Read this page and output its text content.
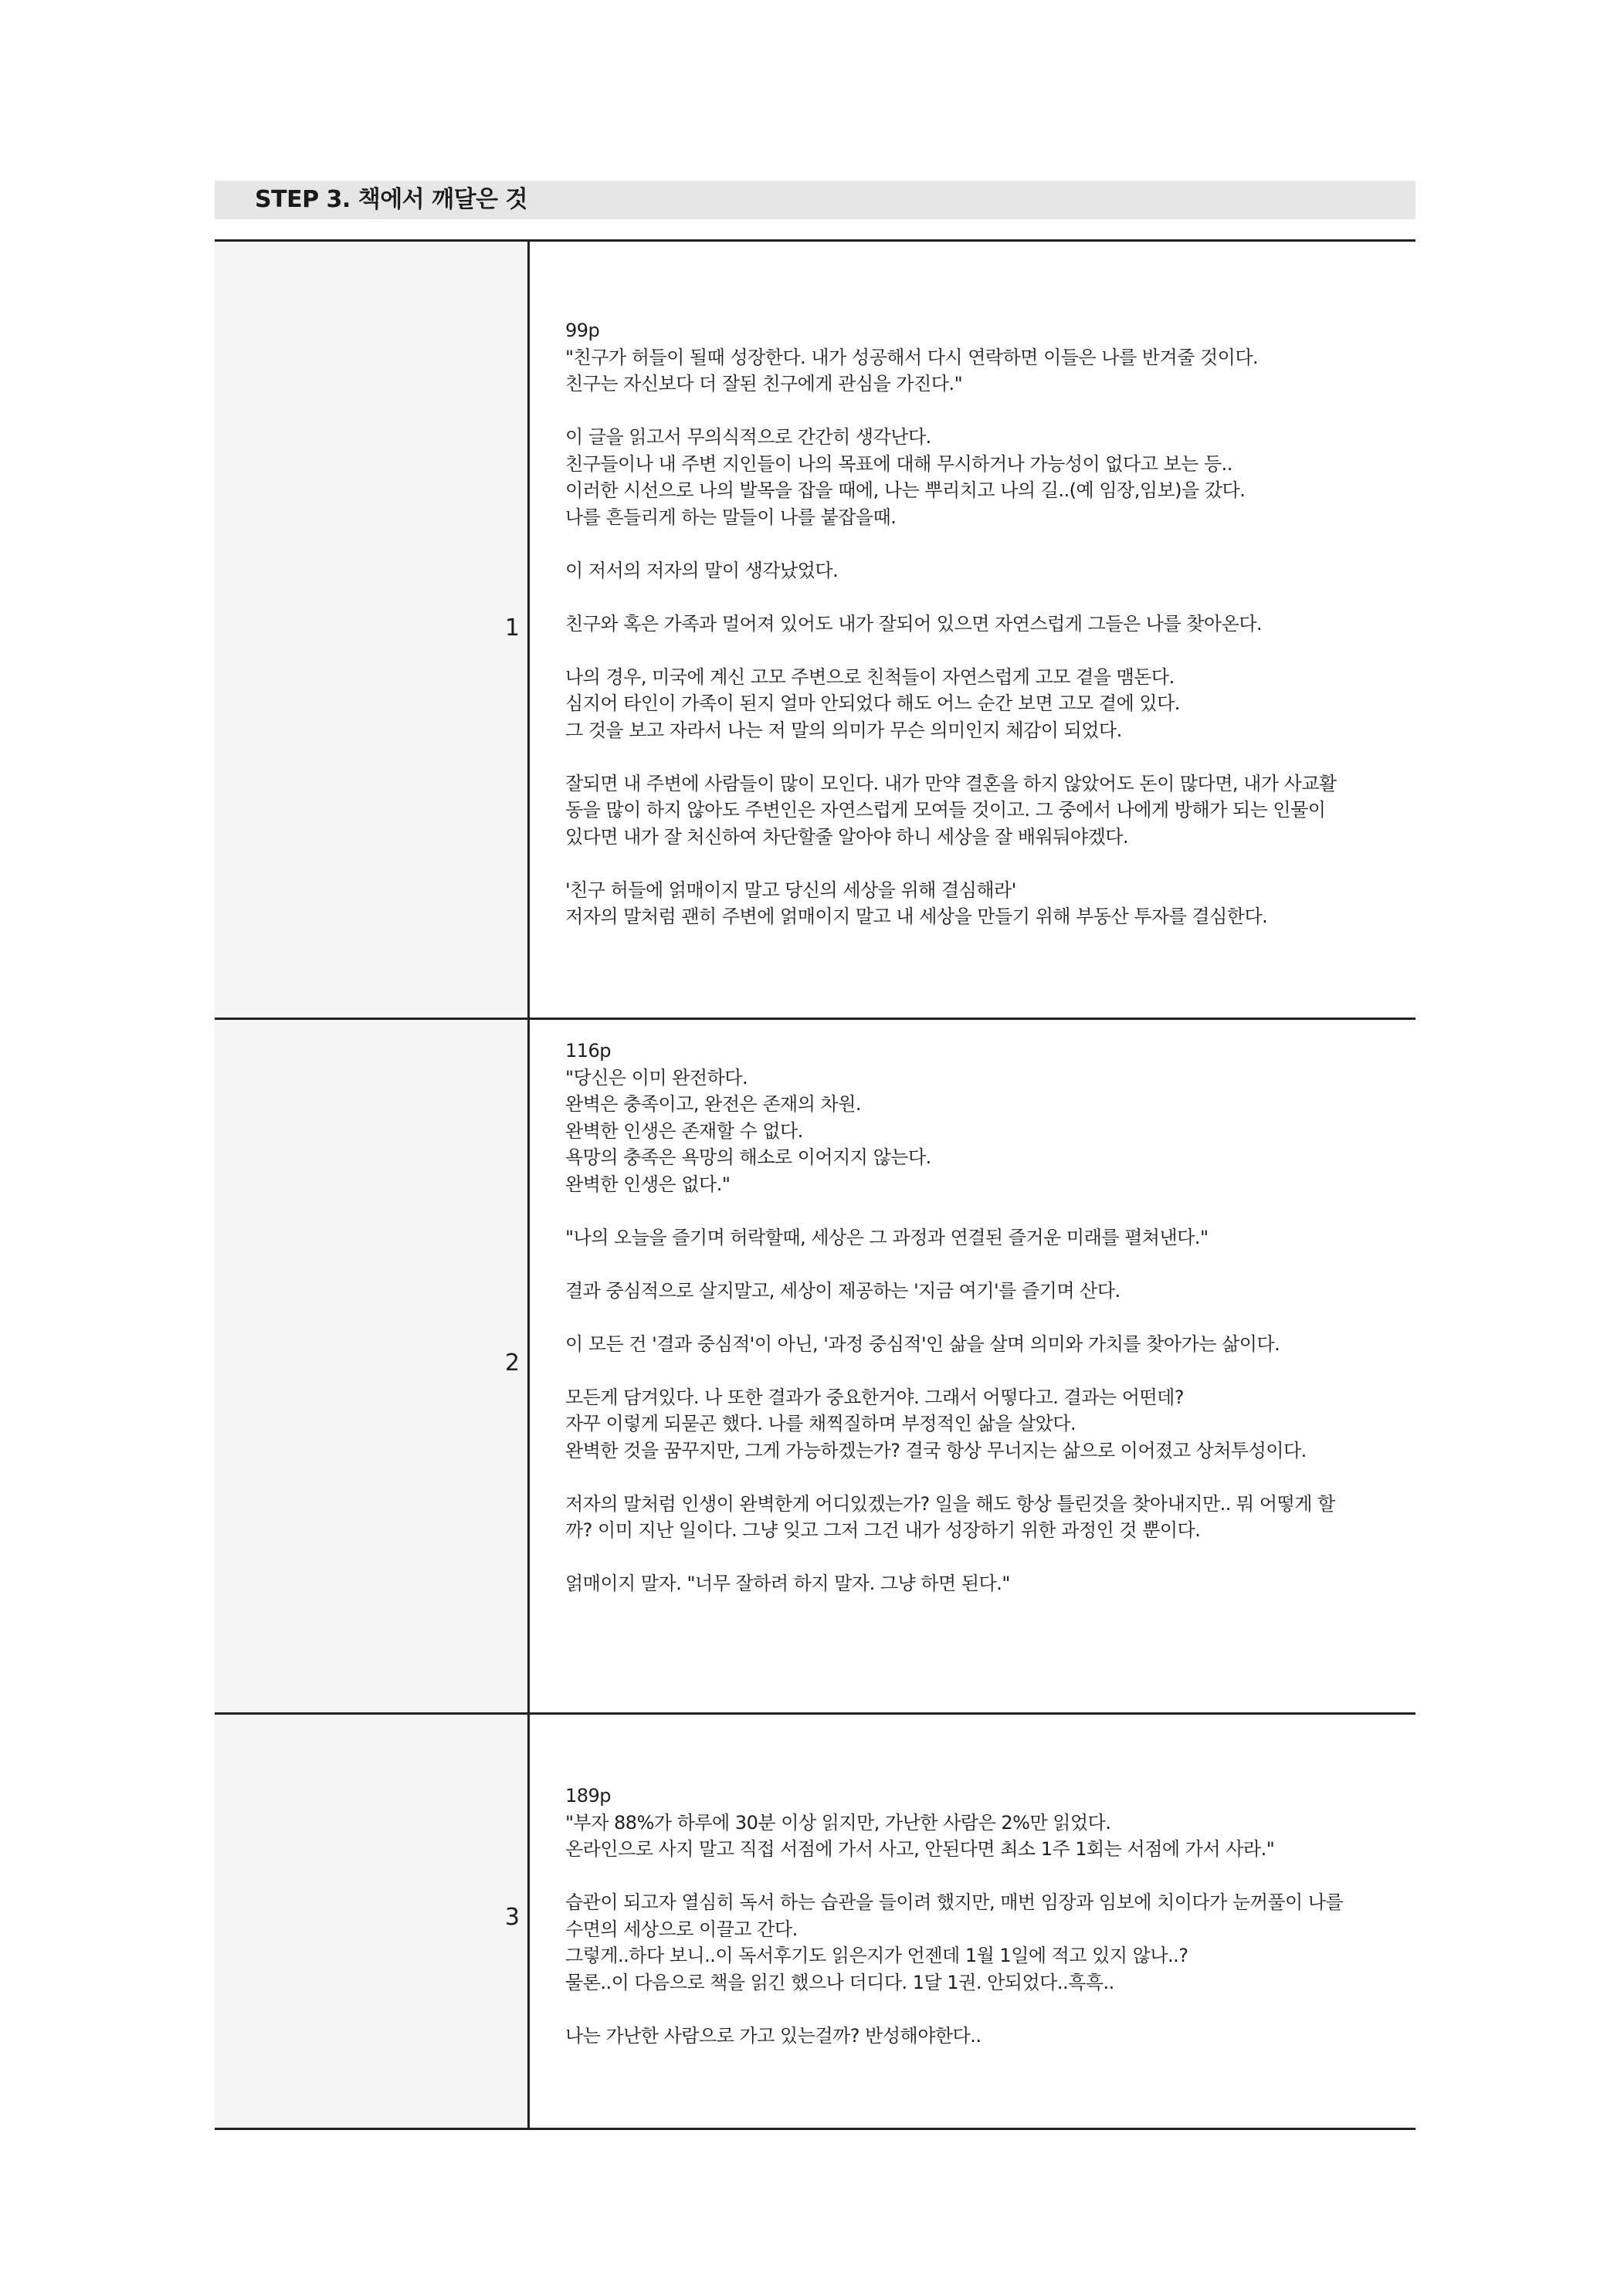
STEP 3. 책에서 깨달은 것
1
2
3
99p
"친구가 허들이 될때 성장한다. 내가 성공해서 다시 연락하면 이들은 나를 반겨줄 것이다.
친구는 자신보다 더 잘된 친구에게 관심을 가진다."
이 글을 읽고서 무의식적으로 간간히 생각난다.
친구들이나 내 주변 지인들이 나의 목표에 대해 무시하거나 가능성이 없다고 보는 등..
이러한 시선으로 나의 발목을 잡을 때에, 나는 뿌리치고 나의 길..(예 임장,임보)을 갔다.
나를 흔들리게 하는 말들이 나를 붙잡을때.
이 저서의 저자의 말이 생각났었다.
친구와 혹은 가족과 멀어져 있어도 내가 잘되어 있으면 자연스럽게 그들은 나를 찾아온다.
나의 경우, 미국에 계신 고모 주변으로 친척들이 자연스럽게 고모 곁을 맴돈다.
심지어 타인이 가족이 된지 얼마 안되었다 해도 어느 순간 보면 고모 곁에 있다.
그 것을 보고 자라서 나는 저 말의 의미가 무슨 의미인지 체감이 되었다.
잘되면 내 주변에 사람들이 많이 모인다. 내가 만약 결혼을 하지 않았어도 돈이 많다면, 내가 사교활
동을 많이 하지 않아도 주변인은 자연스럽게 모여들 것이고. 그 중에서 나에게 방해가 되는 인물이
있다면 내가 잘 처신하여 차단할줄 알아야 하니 세상을 잘 배워둬야겠다.
'친구 허들에 얽매이지 말고 당신의 세상을 위해 결심해라'
저자의 말처럼 괜히 주변에 얽매이지 말고 내 세상을 만들기 위해 부동산 투자를 결심한다.
116p
"당신은 이미 완전하다.
완벽은 충족이고, 완전은 존재의 차원.
완벽한 인생은 존재할 수 없다.
욕망의 충족은 욕망의 해소로 이어지지 않는다.
완벽한 인생은 없다."
"나의 오늘을 즐기며 허락할때, 세상은 그 과정과 연결된 즐거운 미래를 펼쳐낸다."
결과 중심적으로 살지말고, 세상이 제공하는 '지금 여기'를 즐기며 산다.
이 모든 건 '결과 중심적'이 아닌, '과정 중심적'인 삶을 살며 의미와 가치를 찾아가는 삶이다.
모든게 담겨있다. 나 또한 결과가 중요한거야. 그래서 어떻다고. 결과는 어떤데?
자꾸 이렇게 되묻곤 했다. 나를 채찍질하며 부정적인 삶을 살았다.
완벽한 것을 꿈꾸지만, 그게 가능하겠는가? 결국 항상 무너지는 삶으로 이어졌고 상처투성이다.
저자의 말처럼 인생이 완벽한게 어디있겠는가? 일을 해도 항상 틀린것을 찾아내지만.. 뭐 어떻게 할
까? 이미 지난 일이다. 그냥 잊고 그저 그건 내가 성장하기 위한 과정인 것 뿐이다.
얽매이지 말자. "너무 잘하려 하지 말자. 그냥 하면 된다."
189p
"부자 88%가 하루에 30분 이상 읽지만, 가난한 사람은 2%만 읽었다.
온라인으로 사지 말고 직접 서점에 가서 사고, 안된다면 최소 1주 1회는 서점에 가서 사라."
습관이 되고자 열심히 독서 하는 습관을 들이려 했지만, 매번 임장과 임보에 치이다가 눈꺼풀이 나를
수면의 세상으로 이끌고 간다.
그렇게..하다 보니..이 독서후기도 읽은지가 언젠데 1월 1일에 적고 있지 않나..?
물론..이 다음으로 책을 읽긴 했으나 더디다. 1달 1권. 안되었다..흑흑..
나는 가난한 사람으로 가고 있는걸까? 반성해야한다..
